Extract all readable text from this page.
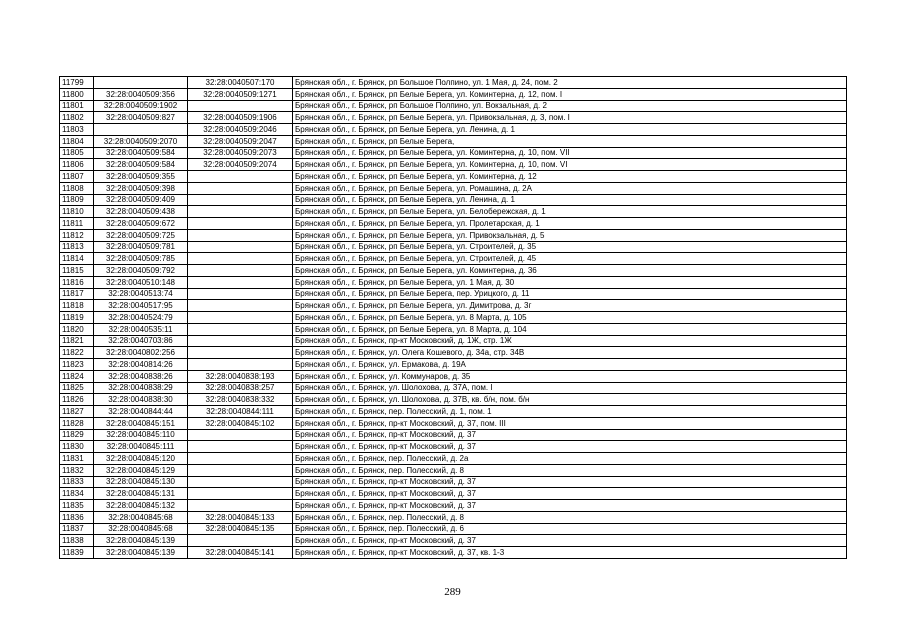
11799		32:28:0040507:170	Брянская обл., г. Брянск, рп Большое Полпино, ул. 1 Мая, д. 24, пом. 2
11800	32:28:0040509:356	32:28:0040509:1271	Брянская обл., г. Брянск, рп Белые Берега, ул. Коминтерна, д. 12, пом. I
11801	32:28:0040509:1902		Брянская обл., г. Брянск, рп Большое Полпино, ул. Вокзальная, д. 2
11802	32:28:0040509:827	32:28:0040509:1906	Брянская обл., г. Брянск, рп Белые Берега, ул. Привокзальная, д. 3, пом. I
11803		32:28:0040509:2046	Брянская обл., г. Брянск, рп Белые Берега, ул. Ленина, д. 1
11804	32:28:0040509:2070	32:28:0040509:2047	Брянская обл., г. Брянск, рп Белые Берега,
11805	32:28:0040509:584	32:28:0040509:2073	Брянская обл., г. Брянск, рп Белые Берега, ул. Коминтерна, д. 10, пом. VII
11806	32:28:0040509:584	32:28:0040509:2074	Брянская обл., г. Брянск, рп Белые Берега, ул. Коминтерна, д. 10, пом. VI
11807	32:28:0040509:355		Брянская обл., г. Брянск, рп Белые Берега, ул. Коминтерна, д. 12
11808	32:28:0040509:398		Брянская обл., г. Брянск, рп Белые Берега, ул. Ромашина, д. 2А
11809	32:28:0040509:409		Брянская обл., г. Брянск, рп Белые Берега, ул. Ленина, д. 1
11810	32:28:0040509:438		Брянская обл., г. Брянск, рп Белые Берега, ул. Белобережская, д. 1
11811	32:28:0040509:672		Брянская обл., г. Брянск, рп Белые Берега, ул. Пролетарская, д. 1
11812	32:28:0040509:725		Брянская обл., г. Брянск, рп Белые Берега, ул. Привокзальная, д. 5
11813	32:28:0040509:781		Брянская обл., г. Брянск, рп Белые Берега, ул. Строителей, д. 35
11814	32:28:0040509:785		Брянская обл., г. Брянск, рп Белые Берега, ул. Строителей, д. 45
11815	32:28:0040509:792		Брянская обл., г. Брянск, рп Белые Берега, ул. Коминтерна, д. 36
11816	32:28:0040510:148		Брянская обл., г. Брянск, рп Белые Берега, ул. 1 Мая, д. 30
11817	32:28:0040513:74		Брянская обл., г. Брянск, рп Белые Берега, пер. Урицкого, д. 11
11818	32:28:0040517:95		Брянская обл., г. Брянск, рп Белые Берега, ул. Димитрова, д. 3г
11819	32:28:0040524:79		Брянская обл., г. Брянск, рп Белые Берега, ул. 8 Марта, д. 105
11820	32:28:0040535:11		Брянская обл., г. Брянск, рп Белые Берега, ул. 8 Марта, д. 104
11821	32:28:0040703:86		Брянская обл., г. Брянск, пр-кт Московский, д. 1Ж, стр. 1Ж
11822	32:28:0040802:256		Брянская обл., г. Брянск, ул. Олега Кошевого, д. 34а, стр. 34В
11823	32:28:0040814:26		Брянская обл., г. Брянск, ул. Ермакова, д. 19А
11824	32:28:0040838:26	32:28:0040838:193	Брянская обл., г. Брянск, ул. Коммунаров, д. 35
11825	32:28:0040838:29	32:28:0040838:257	Брянская обл., г. Брянск, ул. Шолохова, д. 37А, пом. I
11826	32:28:0040838:30	32:28:0040838:332	Брянская обл., г. Брянск, ул. Шолохова, д. 37В, кв. б/н, пом. б/н
11827	32:28:0040844:44	32:28:0040844:111	Брянская обл., г. Брянск, пер. Полесский, д. 1, пом. 1
11828	32:28:0040845:151	32:28:0040845:102	Брянская обл., г. Брянск, пр-кт Московский, д. 37, пом. III
11829	32:28:0040845:110		Брянская обл., г. Брянск, пр-кт Московский, д. 37
11830	32:28:0040845:111		Брянская обл., г. Брянск, пр-кт Московский, д. 37
11831	32:28:0040845:120		Брянская обл., г. Брянск, пер. Полесский, д. 2а
11832	32:28:0040845:129		Брянская обл., г. Брянск, пер. Полесский, д. 8
11833	32:28:0040845:130		Брянская обл., г. Брянск, пр-кт Московский, д. 37
11834	32:28:0040845:131		Брянская обл., г. Брянск, пр-кт Московский, д. 37
11835	32:28:0040845:132		Брянская обл., г. Брянск, пр-кт Московский, д. 37
11836	32:28:0040845:68	32:28:0040845:133	Брянская обл., г. Брянск, пер. Полесский, д. 8
11837	32:28:0040845:68	32:28:0040845:135	Брянская обл., г. Брянск, пер. Полесский, д. 6
11838	32:28:0040845:139		Брянская обл., г. Брянск, пр-кт Московский, д. 37
11839	32:28:0040845:139	32:28:0040845:141	Брянская обл., г. Брянск, пр-кт Московский, д. 37, кв. 1-3
289
